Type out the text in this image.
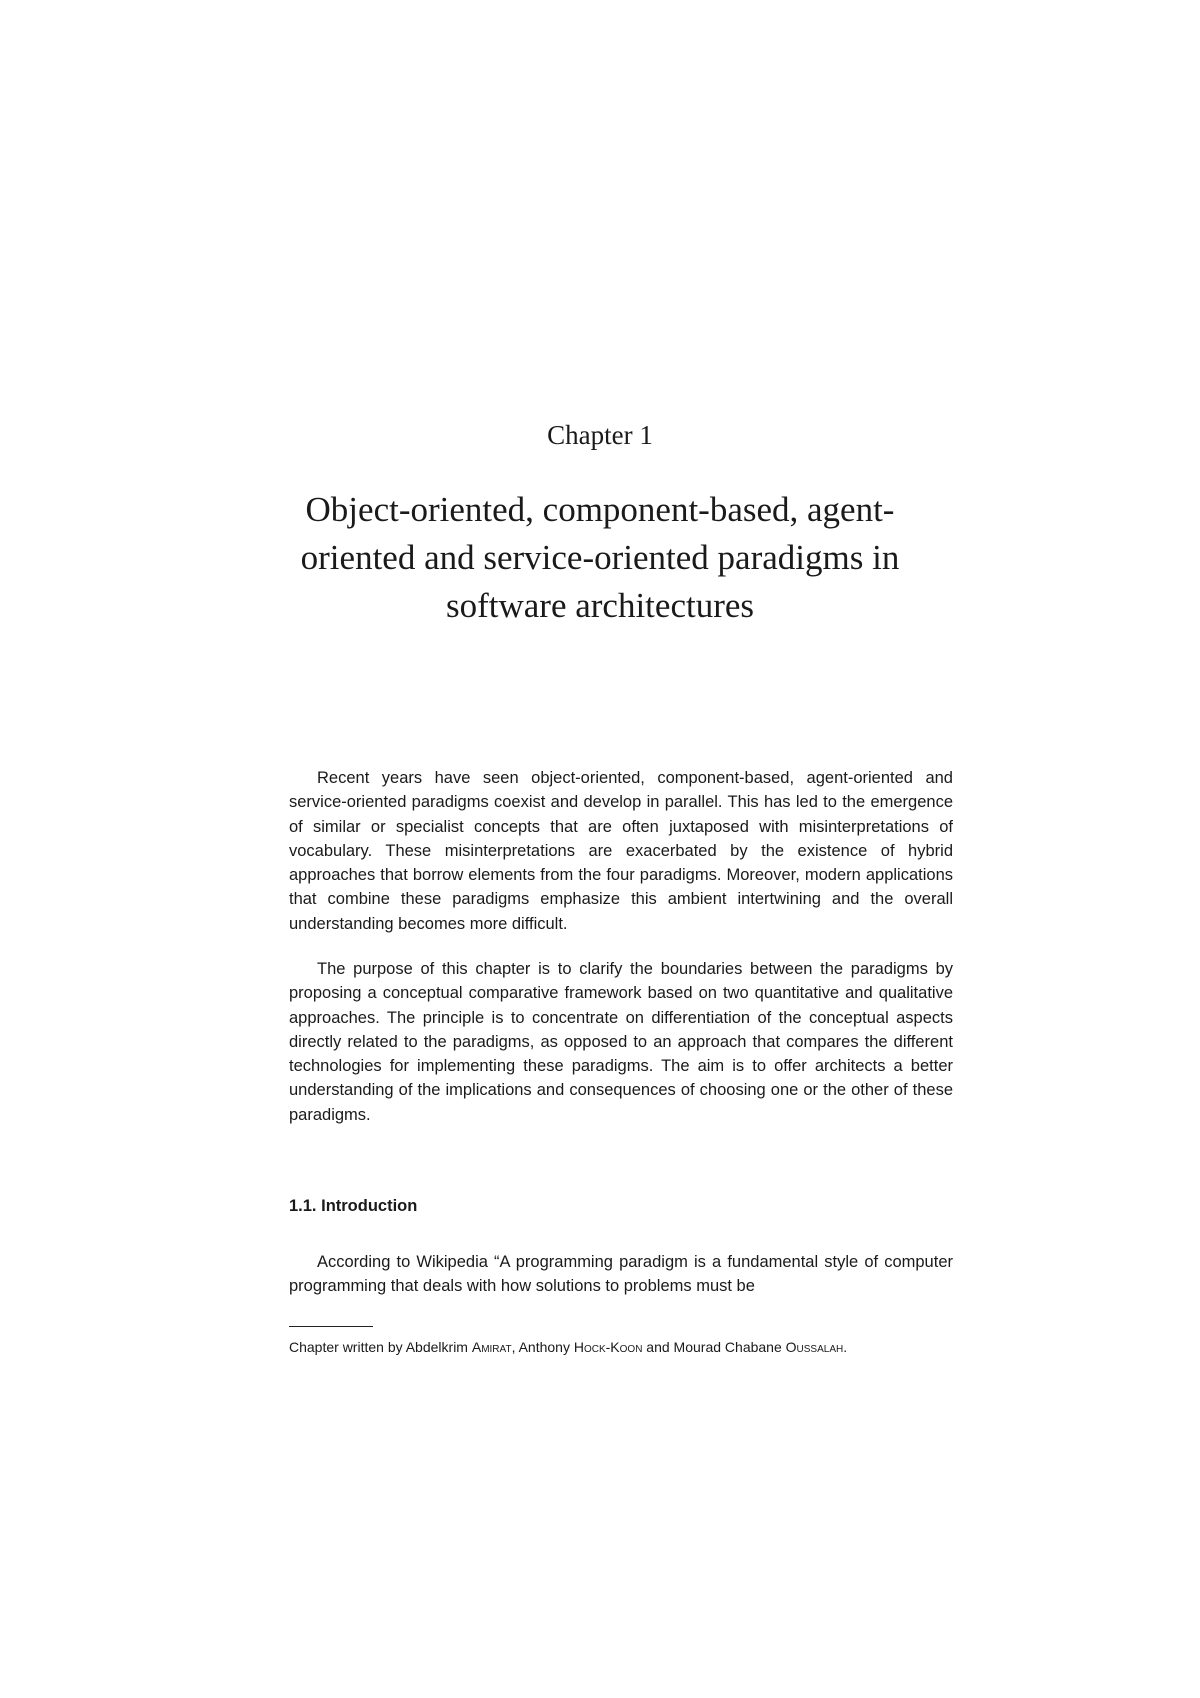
Chapter 1
Object-oriented, component-based, agent-oriented and service-oriented paradigms in software architectures

Recent years have seen object-oriented, component-based, agent-oriented and service-oriented paradigms coexist and develop in parallel. This has led to the emergence of similar or specialist concepts that are often juxtaposed with misinterpretations of vocabulary. These misinterpretations are exacerbated by the existence of hybrid approaches that borrow elements from the four paradigms. Moreover, modern applications that combine these paradigms emphasize this ambient intertwining and the overall understanding becomes more difficult.

The purpose of this chapter is to clarify the boundaries between the paradigms by proposing a conceptual comparative framework based on two quantitative and qualitative approaches. The principle is to concentrate on differentiation of the conceptual aspects directly related to the paradigms, as opposed to an approach that compares the different technologies for implementing these paradigms. The aim is to offer architects a better understanding of the implications and consequences of choosing one or the other of these paradigms.

1.1. Introduction

According to Wikipedia “A programming paradigm is a fundamental style of computer programming that deals with how solutions to problems must be

Chapter written by Abdelkrim Amirat, Anthony Hock-Koon and Mourad Chabane Oussalah.
